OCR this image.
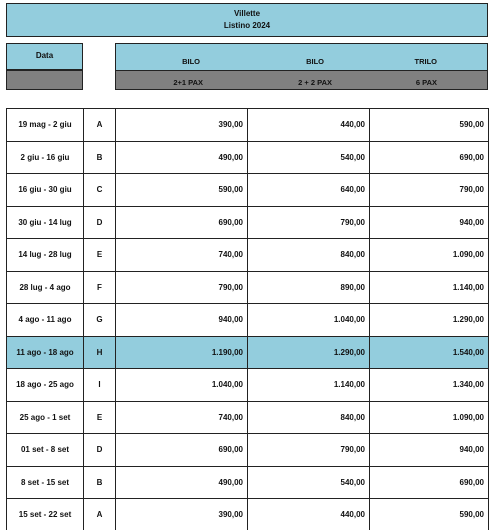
Villette
Listino 2024
Data
BILO	BILO	TRILO
2+1 PAX	2 + 2 PAX	6 PAX
19 mag - 2 giu	A	390,00	440,00	590,00
2 giu - 16 giu	B	490,00	540,00	690,00
16 giu - 30 giu	C	590,00	640,00	790,00
30 giu - 14 lug	D	690,00	790,00	940,00
14 lug - 28 lug	E	740,00	840,00	1.090,00
28 lug - 4 ago	F	790,00	890,00	1.140,00
4 ago - 11 ago	G	940,00	1.040,00	1.290,00
11 ago - 18 ago	H	1.190,00	1.290,00	1.540,00
18 ago - 25 ago	I	1.040,00	1.140,00	1.340,00
25 ago - 1 set	E	740,00	840,00	1.090,00
01 set - 8 set	D	690,00	790,00	940,00
8 set - 15 set	B	490,00	540,00	690,00
15 set - 22 set	A	390,00	440,00	590,00
